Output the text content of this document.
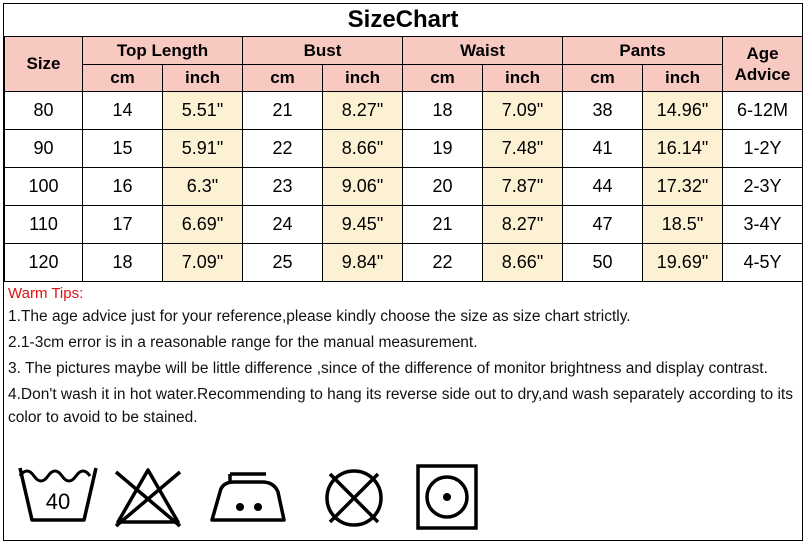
SizeChart
Size	Top Length		Bust		Waist		Pants		Age
Advice
	cm	inch	cm	inch	cm	inch	cm	inch	
80	14	5.51"	21	8.27"	18	7.09"	38	14.96"	6-12M
90	15	5.91"	22	8.66"	19	7.48"	41	16.14"	1-2Y
100	16	6.3"	23	9.06"	20	7.87"	44	17.32"	2-3Y
110	17	6.69"	24	9.45"	21	8.27"	47	18.5"	3-4Y
120	18	7.09"	25	9.84"	22	8.66"	50	19.69"	4-5Y
Warm Tips:
1.The age advice just for your reference,please kindly choose the size as size chart strictly.
2.1-3cm error is in a reasonable range for the manual measurement.
3. The pictures maybe will be little difference ,since of the difference of monitor brightness and display contrast.
4.Don't wash it in hot water.Recommending to hang its reverse side out to dry,and wash separately according to its color to avoid to be stained.
40
